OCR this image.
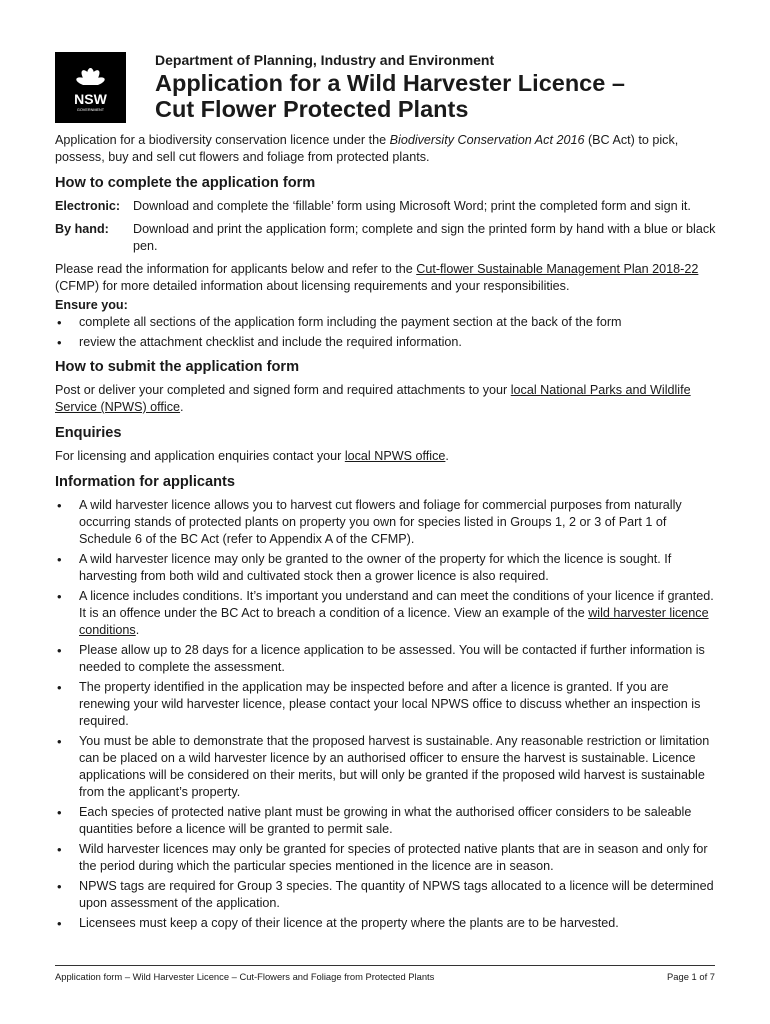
NSW
GOVERNMENT
Department of Planning, Industry and Environment
Application for a Wild Harvester Licence –
Cut Flower Protected Plants

Application for a biodiversity conservation licence under the Biodiversity Conservation Act 2016 (BC Act) to pick, possess, buy and sell cut flowers and foliage from protected plants.

How to complete the application form
Electronic:	Download and complete the ‘fillable’ form using Microsoft Word; print the completed form and sign it.
By hand:	Download and print the application form; complete and sign the printed form by hand with a blue or black pen.

Please read the information for applicants below and refer to the Cut-flower Sustainable Management Plan 2018-22 (CFMP) for more detailed information about licensing requirements and your responsibilities.

Ensure you:

• complete all sections of the application form including the payment section at the back of the form
• review the attachment checklist and include the required information.
How to submit the application form

Post or deliver your completed and signed form and required attachments to your local National Parks and Wildlife Service (NPWS) office.

Enquiries

For licensing and application enquiries contact your local NPWS office.

Information for applicants
• A wild harvester licence allows you to harvest cut flowers and foliage for commercial purposes from naturally occurring stands of protected plants on property you own for species listed in Groups 1, 2 or 3 of Part 1 of Schedule 6 of the BC Act (refer to Appendix A of the CFMP).
• A wild harvester licence may only be granted to the owner of the property for which the licence is sought. If harvesting from both wild and cultivated stock then a grower licence is also required.
• A licence includes conditions. It’s important you understand and can meet the conditions of your licence if granted. It is an offence under the BC Act to breach a condition of a licence. View an example of the wild harvester licence conditions.
• Please allow up to 28 days for a licence application to be assessed. You will be contacted if further information is needed to complete the assessment.
• The property identified in the application may be inspected before and after a licence is granted. If you are renewing your wild harvester licence, please contact your local NPWS office to discuss whether an inspection is required.
• You must be able to demonstrate that the proposed harvest is sustainable. Any reasonable restriction or limitation can be placed on a wild harvester licence by an authorised officer to ensure the harvest is sustainable. Licence applications will be considered on their merits, but will only be granted if the proposed wild harvest is sustainable from the applicant’s property.
• Each species of protected native plant must be growing in what the authorised officer considers to be saleable quantities before a licence will be granted to permit sale.
• Wild harvester licences may only be granted for species of protected native plants that are in season and only for the period during which the particular species mentioned in the licence are in season.
• NPWS tags are required for Group 3 species. The quantity of NPWS tags allocated to a licence will be determined upon assessment of the application.
• Licensees must keep a copy of their licence at the property where the plants are to be harvested.
Application form – Wild Harvester Licence – Cut-Flowers and Foliage from Protected Plants	Page 1 of 7
